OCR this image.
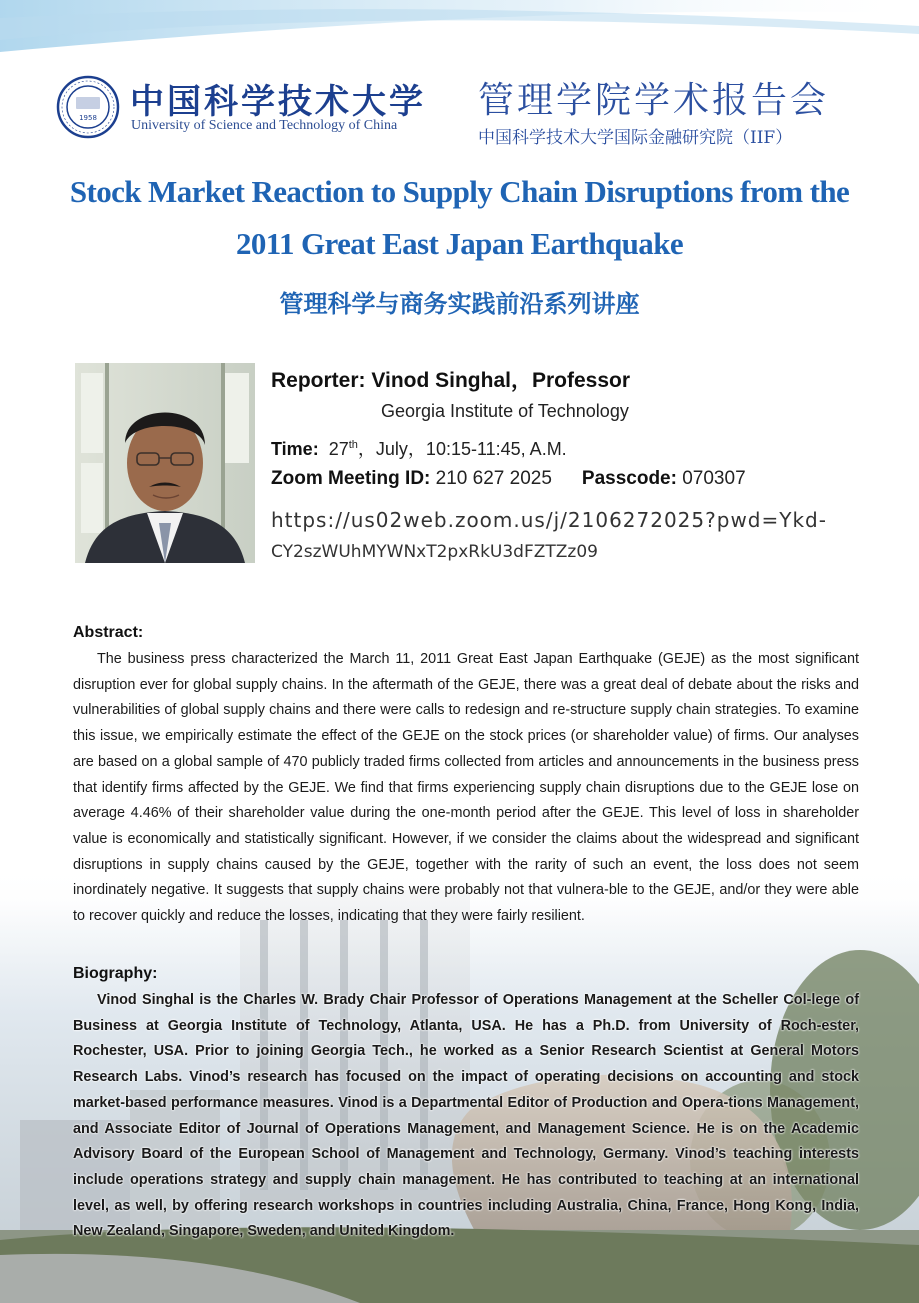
1958 中国科学技术大学
University of Science and Technology of China
管理学院学术报告会
中国科学技术大学国际金融研究院（IIF）
Stock Market Reaction to Supply Chain Disruptions from the
2011 Great East Japan Earthquake
管理科学与商务实践前沿系列讲座
Reporter: Vinod Singhal，Professor
Georgia Institute of Technology
Time: 27th，July，10:15-11:45, A.M.
Zoom Meeting ID: 210 627 2025 Passcode: 070307
https://us02web.zoom.us/j/2106272025?pwd=Ykd-
CY2szWUhMYWNxT2pxRkU3dFZTZz09
Abstract:
The business press characterized the March 11, 2011 Great East Japan Earthquake (GEJE) as the most significant disruption ever for global supply chains. In the aftermath of the GEJE, there was a great deal of debate about the risks and vulnerabilities of global supply chains and there were calls to redesign and re-structure supply chain strategies. To examine this issue, we empirically estimate the effect of the GEJE on the stock prices (or shareholder value) of firms. Our analyses are based on a global sample of 470 publicly traded firms collected from articles and announcements in the business press that identify firms affected by the GEJE. We find that firms experiencing supply chain disruptions due to the GEJE lose on average 4.46% of their shareholder value during the one-month period after the GEJE. This level of loss in shareholder value is economically and statistically significant. However, if we consider the claims about the widespread and significant disruptions in supply chains caused by the GEJE, together with the rarity of such an event, the loss does not seem inordinately negative. It suggests that supply chains were probably not that vulnera-ble to the GEJE, and/or they were able to recover quickly and reduce the losses, indicating that they were fairly resilient.
Biography:
Vinod Singhal is the Charles W. Brady Chair Professor of Operations Management at the Scheller Col-lege of Business at Georgia Institute of Technology, Atlanta, USA. He has a Ph.D. from University of Roch-ester, Rochester, USA. Prior to joining Georgia Tech., he worked as a Senior Research Scientist at General Motors Research Labs. Vinod’s research has focused on the impact of operating decisions on accounting and stock market-based performance measures. Vinod is a Departmental Editor of Production and Opera-tions Management, and Associate Editor of Journal of Operations Management, and Management Science. He is on the Academic Advisory Board of the European School of Management and Technology, Germany. Vinod’s teaching interests include operations strategy and supply chain management. He has contributed to teaching at an international level, as well, by offering research workshops in countries including Australia, China, France, Hong Kong, India, New Zealand, Singapore, Sweden, and United Kingdom.
